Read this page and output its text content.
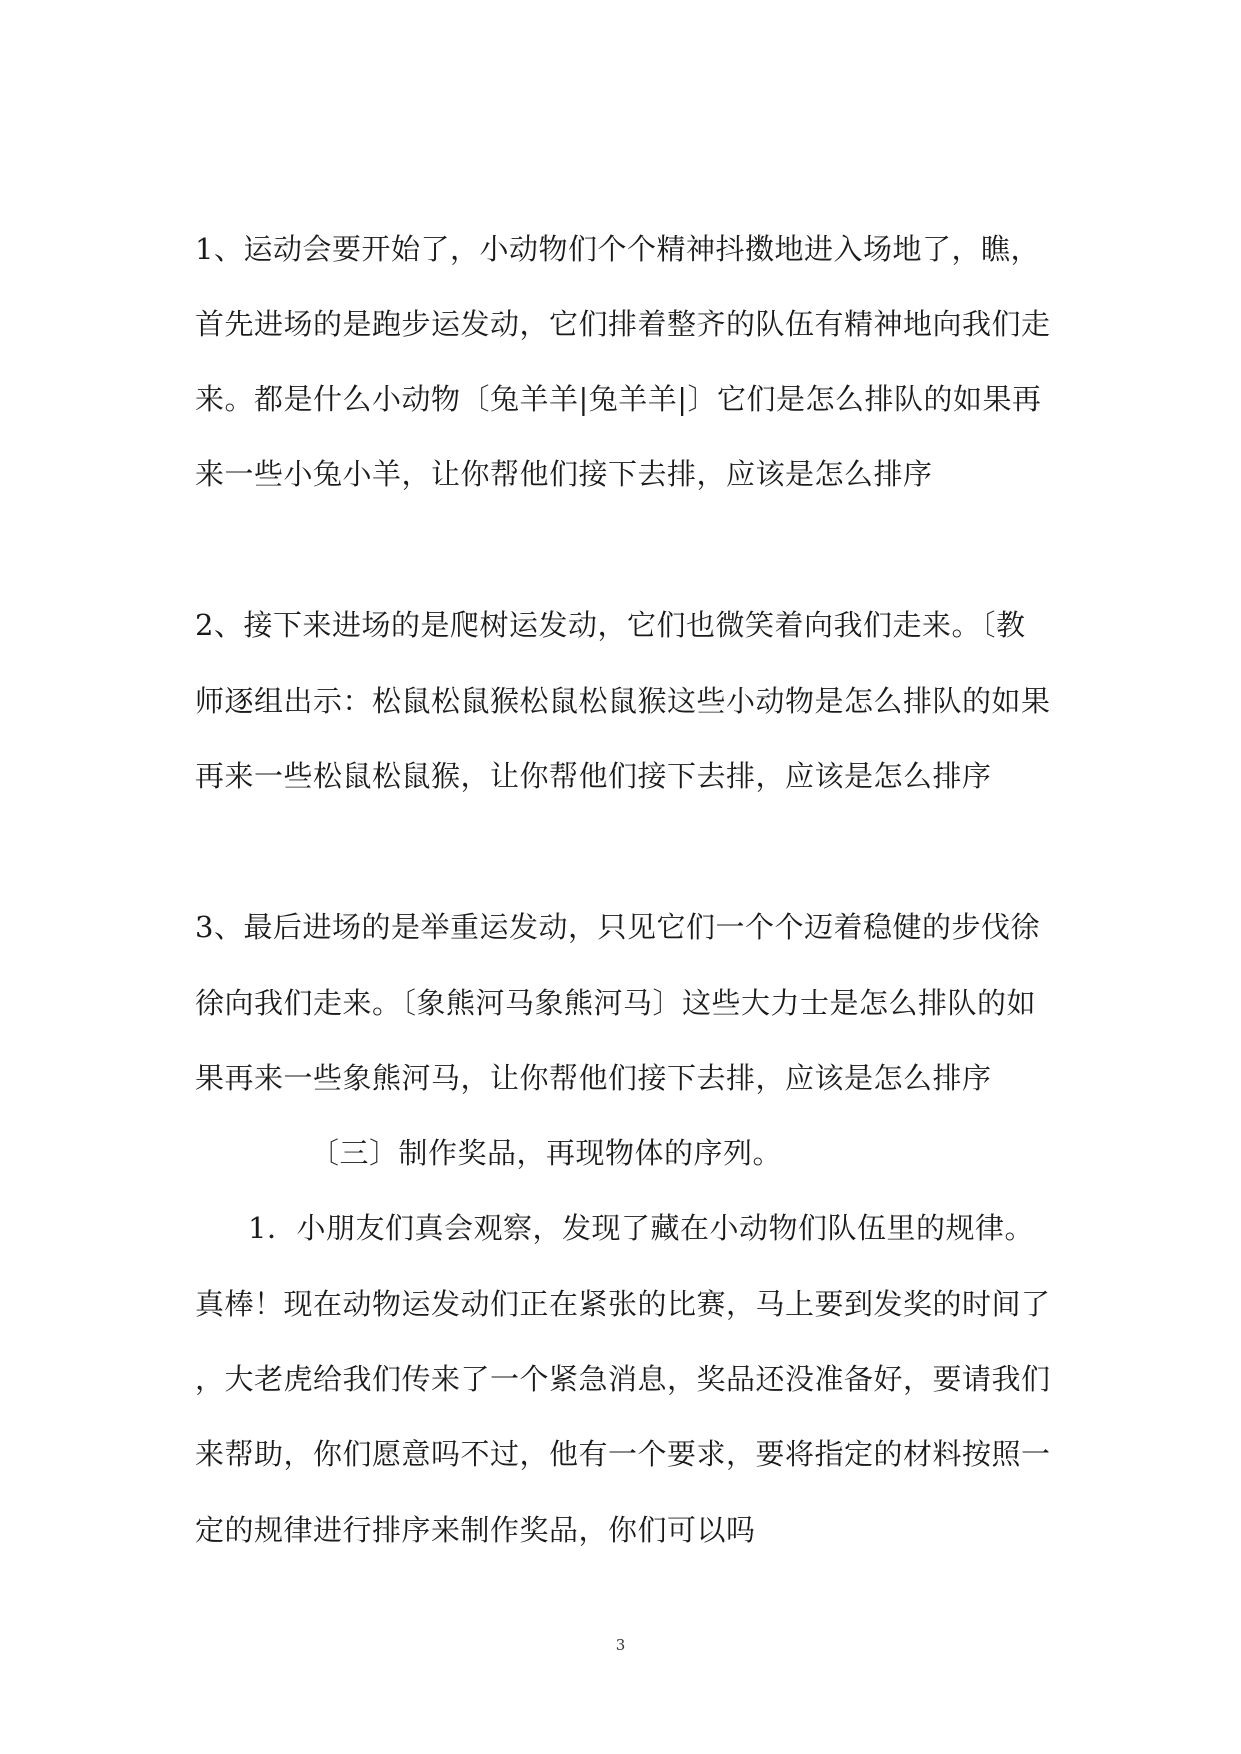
1、运动会要开始了，小动物们个个精神抖擞地进入场地了，瞧，
首先进场的是跑步运发动，它们排着整齐的队伍有精神地向我们走
来。都是什么小动物〔兔羊羊|兔羊羊|〕它们是怎么排队的如果再
来一些小兔小羊，让你帮他们接下去排，应该是怎么排序
2、接下来进场的是爬树运发动，它们也微笑着向我们走来。〔教
师逐组出示：松鼠松鼠猴松鼠松鼠猴这些小动物是怎么排队的如果
再来一些松鼠松鼠猴，让你帮他们接下去排，应该是怎么排序
3、最后进场的是举重运发动，只见它们一个个迈着稳健的步伐徐
徐向我们走来。〔象熊河马象熊河马〕这些大力士是怎么排队的如
果再来一些象熊河马，让你帮他们接下去排，应该是怎么排序
〔三〕制作奖品，再现物体的序列。
1．小朋友们真会观察，发现了藏在小动物们队伍里的规律。
真棒！现在动物运发动们正在紧张的比赛，马上要到发奖的时间了
，大老虎给我们传来了一个紧急消息，奖品还没准备好，要请我们
来帮助，你们愿意吗不过，他有一个要求，要将指定的材料按照一
定的规律进行排序来制作奖品，你们可以吗
3
